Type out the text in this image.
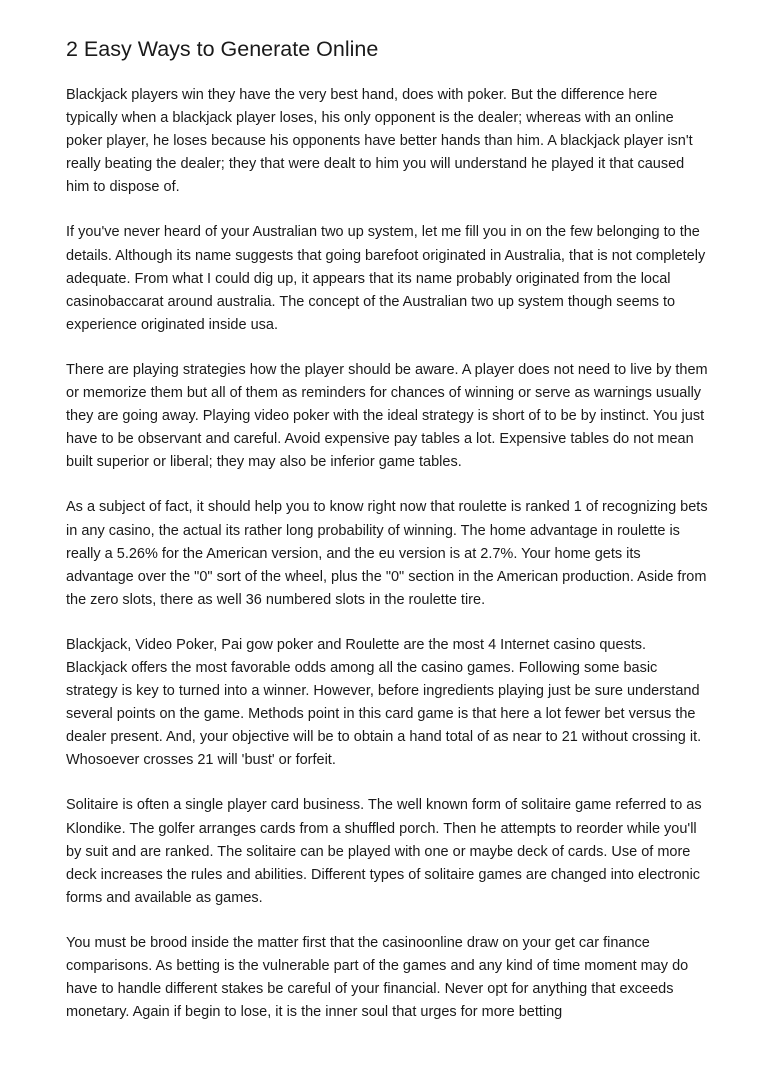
2 Easy Ways to Generate Online

Blackjack players win they have the very best hand, does with poker. But the difference here typically when a blackjack player loses, his only opponent is the dealer; whereas with an online poker player, he loses because his opponents have better hands than him. A blackjack player isn't really beating the dealer; they that were dealt to him you will understand he played it that caused him to dispose of.

If you've never heard of your Australian two up system, let me fill you in on the few belonging to the details. Although its name suggests that going barefoot originated in Australia, that is not completely adequate. From what I could dig up, it appears that its name probably originated from the local casinobaccarat around australia. The concept of the Australian two up system though seems to experience originated inside usa.

There are playing strategies how the player should be aware. A player does not need to live by them or memorize them but all of them as reminders for chances of winning or serve as warnings usually they are going away. Playing video poker with the ideal strategy is short of to be by instinct. You just have to be observant and careful. Avoid expensive pay tables a lot. Expensive tables do not mean built superior or liberal; they may also be inferior game tables.

As a subject of fact, it should help you to know right now that roulette is ranked 1 of recognizing bets in any casino, the actual its rather long probability of winning. The home advantage in roulette is really a 5.26% for the American version, and the eu version is at 2.7%. Your home gets its advantage over the "0" sort of the wheel, plus the "0" section in the American production. Aside from the zero slots, there as well 36 numbered slots in the roulette tire.

Blackjack, Video Poker, Pai gow poker and Roulette are the most 4 Internet casino quests. Blackjack offers the most favorable odds among all the casino games. Following some basic strategy is key to turned into a winner. However, before ingredients playing just be sure understand several points on the game. Methods point in this card game is that here a lot fewer bet versus the dealer present. And, your objective will be to obtain a hand total of as near to 21 without crossing it. Whosoever crosses 21 will 'bust' or forfeit.

Solitaire is often a single player card business. The well known form of solitaire game referred to as Klondike. The golfer arranges cards from a shuffled porch. Then he attempts to reorder while you'll by suit and are ranked. The solitaire can be played with one or maybe deck of cards. Use of more deck increases the rules and abilities. Different types of solitaire games are changed into electronic forms and available as games.

You must be brood inside the matter first that the casinoonline draw on your get car finance comparisons. As betting is the vulnerable part of the games and any kind of time moment may do have to handle different stakes be careful of your financial. Never opt for anything that exceeds monetary. Again if begin to lose, it is the inner soul that urges for more betting
